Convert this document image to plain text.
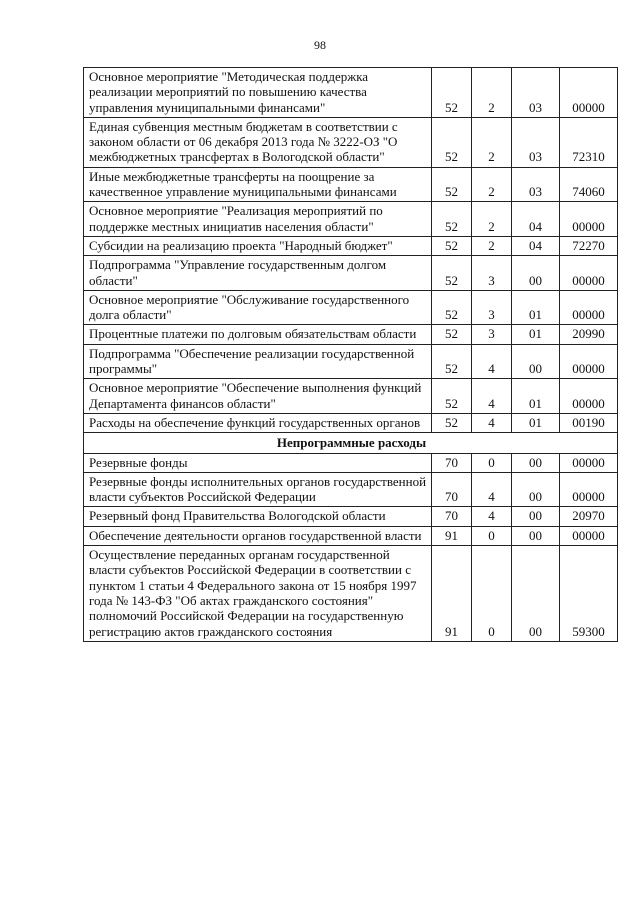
98
Основное мероприятие "Методическая поддержка реализации мероприятий по повышению качества управления муниципальными финансами"	52	2	03	00000
Единая субвенция местным бюджетам в соответствии с законом области от 06 декабря 2013 года № 3222-ОЗ "О межбюджетных трансфертах в Вологодской области"	52	2	03	72310
Иные межбюджетные трансферты на поощрение за качественное управление муниципальными финансами	52	2	03	74060
Основное мероприятие "Реализация мероприятий по поддержке местных инициатив населения области"	52	2	04	00000
Субсидии на реализацию проекта "Народный бюджет"	52	2	04	72270
Подпрограмма "Управление государственным долгом области"	52	3	00	00000
Основное мероприятие "Обслуживание государственного долга области"	52	3	01	00000
Процентные платежи по долговым обязательствам области	52	3	01	20990
Подпрограмма "Обеспечение реализации государственной программы"	52	4	00	00000
Основное мероприятие "Обеспечение выполнения функций Департамента финансов области"	52	4	01	00000
Расходы на обеспечение функций государственных органов	52	4	01	00190
Непрограммные расходы				
Резервные фонды	70	0	00	00000
Резервные фонды исполнительных органов государственной власти субъектов Российской Федерации	70	4	00	00000
Резервный фонд Правительства Вологодской области	70	4	00	20970
Обеспечение деятельности органов государственной власти	91	0	00	00000
Осуществление переданных органам государственной власти субъектов Российской Федерации в соответствии с пунктом 1 статьи 4 Федерального закона от 15 ноября 1997 года № 143-ФЗ "Об актах гражданского состояния" полномочий Российской Федерации на государственную регистрацию актов гражданского состояния	91	0	00	59300
